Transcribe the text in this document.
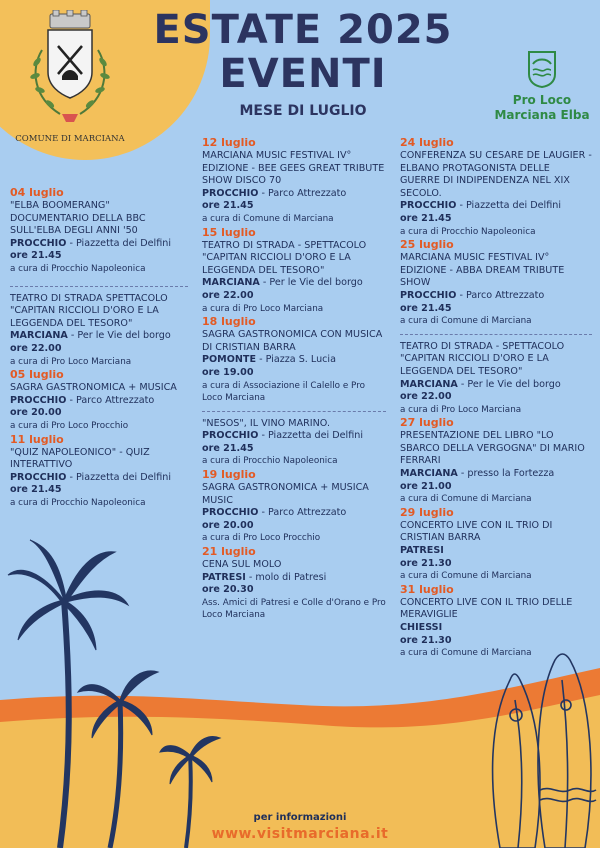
COMUNE DI MARCIANA
ESTATE 2025
EVENTI
MESE DI LUGLIO
Pro Loco
Marciana Elba
04 luglio
"ELBA BOOMERANG" DOCUMENTARIO DELLA BBC SULL'ELBA DEGLI ANNI '50
PROCCHIO - Piazzetta dei Delfini
ore 21.45
a cura di Procchio Napoleonica
TEATRO DI STRADA SPETTACOLO "CAPITAN RICCIOLI D'ORO E LA LEGGENDA DEL TESORO"
MARCIANA - Per le Vie del borgo
ore 22.00
a cura di Pro Loco Marciana
05 luglio
SAGRA GASTRONOMICA + MUSICA
PROCCHIO - Parco Attrezzato
ore 20.00
a cura di Pro Loco Procchio
11 luglio
"QUIZ NAPOLEONICO" - QUIZ INTERATTIVO
PROCCHIO - Piazzetta dei Delfini
ore 21.45
a cura di Procchio Napoleonica
12 luglio
MARCIANA MUSIC FESTIVAL IV° EDIZIONE - BEE GEES GREAT TRIBUTE SHOW DISCO 70
PROCCHIO - Parco Attrezzato
ore 21.45
a cura di Comune di Marciana
15 luglio
TEATRO DI STRADA - SPETTACOLO "CAPITAN RICCIOLI D'ORO E LA LEGGENDA DEL TESORO"
MARCIANA - Per le Vie del borgo
ore 22.00
a cura di Pro Loco Marciana
18 luglio
SAGRA GASTRONOMICA CON MUSICA DI CRISTIAN BARRA
POMONTE - Piazza S. Lucia
ore 19.00
a cura di Associazione il Calello e Pro Loco Marciana
"NESOS", IL VINO MARINO.
PROCCHIO - Piazzetta dei Delfini
ore 21.45
a cura di Procchio Napoleonica
19 luglio
SAGRA GASTRONOMICA + MUSICA MUSIC
PROCCHIO - Parco Attrezzato
ore 20.00
a cura di Pro Loco Procchio
21 luglio
CENA SUL MOLO
PATRESI - molo di Patresi
ore 20.30
Ass. Amici di Patresi e Colle d'Orano e Pro Loco Marciana
24 luglio
CONFERENZA SU CESARE DE LAUGIER - ELBANO PROTAGONISTA DELLE GUERRE DI INDIPENDENZA NEL XIX SECOLO.
PROCCHIO - Piazzetta dei Delfini
ore 21.45
a cura di Procchio Napoleonica
25 luglio
MARCIANA MUSIC FESTIVAL IV° EDIZIONE - ABBA DREAM TRIBUTE SHOW
PROCCHIO - Parco Attrezzato
ore 21.45
a cura di Comune di Marciana
TEATRO DI STRADA - SPETTACOLO "CAPITAN RICCIOLI D'ORO E LA LEGGENDA DEL TESORO"
MARCIANA - Per le Vie del borgo
ore 22.00
a cura di Pro Loco Marciana
27 luglio
PRESENTAZIONE DEL LIBRO "LO SBARCO DELLA VERGOGNA" DI MARIO FERRARI
MARCIANA - presso la Fortezza
ore 21.00
a cura di Comune di Marciana
29 luglio
CONCERTO LIVE CON IL TRIO DI CRISTIAN BARRA
PATRESI
ore 21.30
a cura di Comune di Marciana
31 luglio
CONCERTO LIVE CON IL TRIO DELLE MERAVIGLIE
CHIESSI
ore 21.30
a cura di Comune di Marciana
per informazioni
www.visitmarciana.it
